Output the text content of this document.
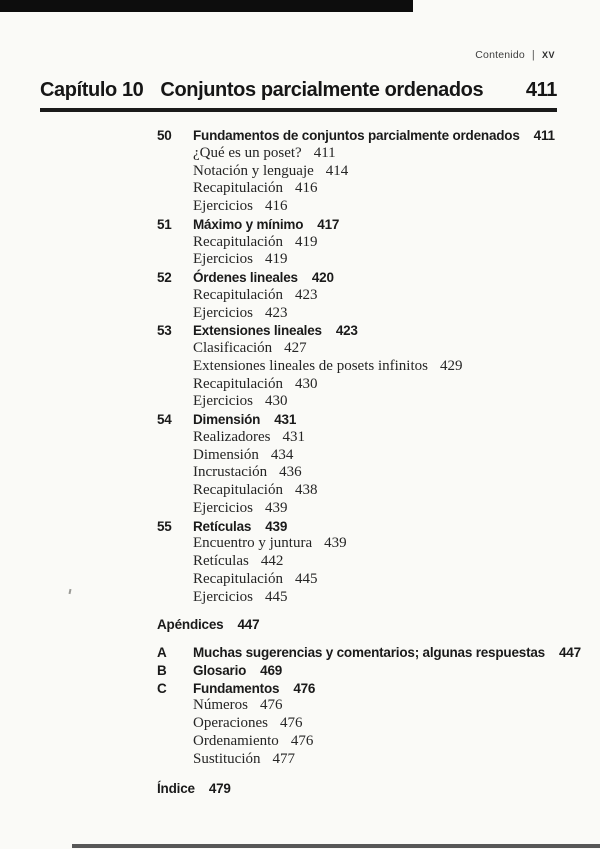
Contenido | XV
Capítulo 10 Conjuntos parcialmente ordenados 411
50	Fundamentos de conjuntos parcialmente ordenados 411
¿Qué es un poset? 411
Notación y lenguaje 414
Recapitulación 416
Ejercicios 416
51	Máximo y mínimo 417
Recapitulación 419
Ejercicios 419
52	Órdenes lineales 420
Recapitulación 423
Ejercicios 423
53	Extensiones lineales 423
Clasificación 427
Extensiones lineales de posets infinitos 429
Recapitulación 430
Ejercicios 430
54	Dimensión 431
Realizadores 431
Dimensión 434
Incrustación 436
Recapitulación 438
Ejercicios 439
55	Retículas 439
Encuentro y juntura 439
Retículas 442
Recapitulación 445
Ejercicios 445
Apéndices 447
A	Muchas sugerencias y comentarios; algunas respuestas 447
B	Glosario 469
C	Fundamentos 476
Números 476
Operaciones 476
Ordenamiento 476
Sustitución 477
Índice 479
